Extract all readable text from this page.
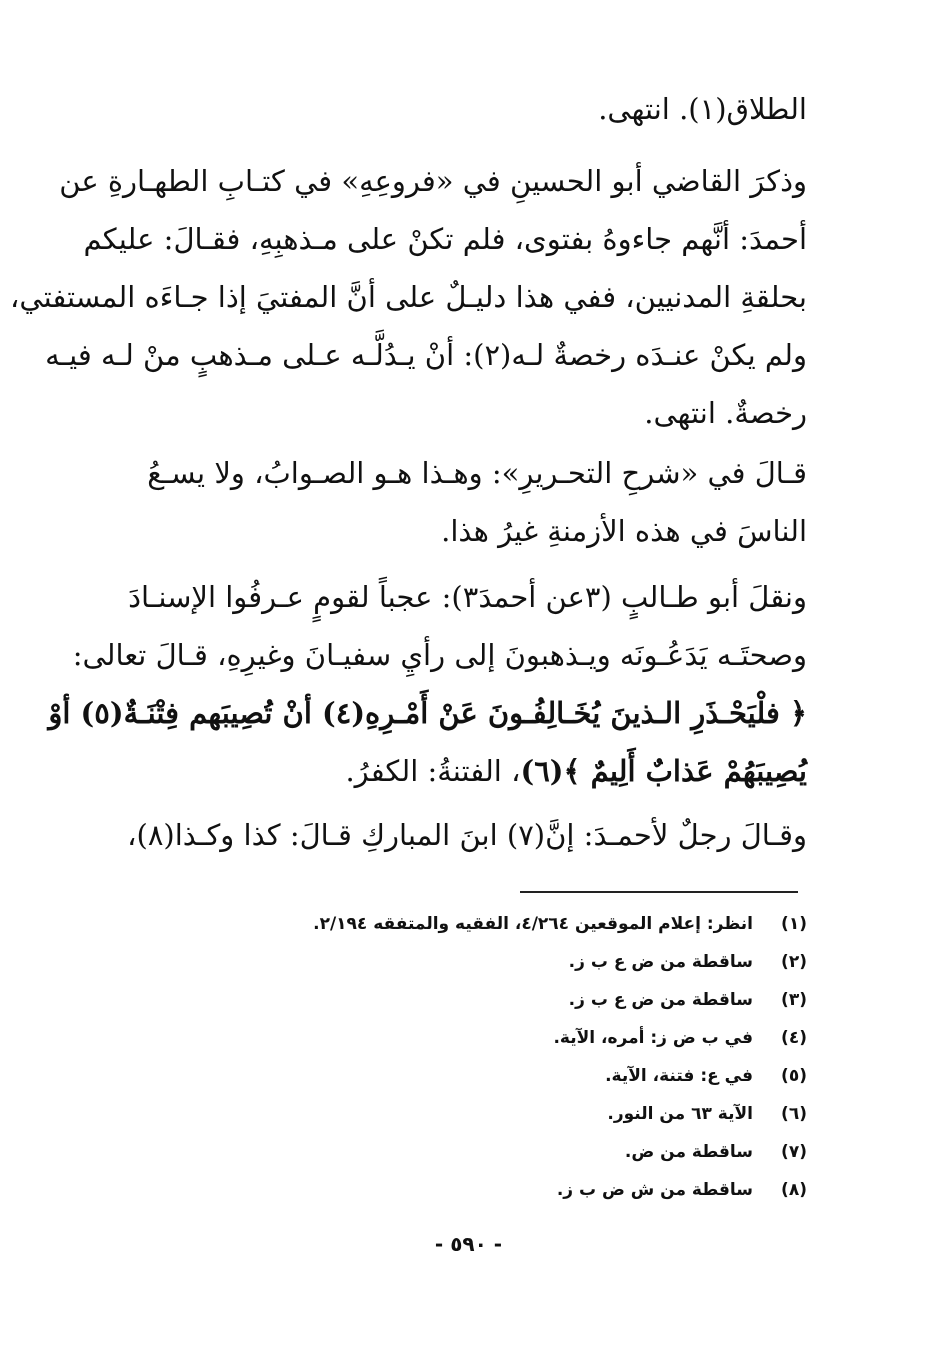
الطلاق(١). انتهى.
وذكرَ القاضي أبو الحسينِ في «فروعِهِ» في كتـابِ الطهـارةِ عن
أحمدَ: أنَّهم جاءوهُ بفتوى، فلم تكنْ على مـذهبِهِ، فقـالَ: عليكم
بحلقةِ المدنيين، ففي هذا دليـلٌ على أنَّ المفتيَ إذا جـاءَه المستفتي،
ولم يكنْ عنـدَه رخصةٌ لـه(٢): أنْ يـدُلَّـه عـلى مـذهبٍ منْ لـه فيـه
رخصةٌ. انتهى.
قـالَ في «شرحِ التحـريرِ»: وهـذا هـو الصـوابُ، ولا يسـعُ
الناسَ في هذه الأزمنةِ غيرُ هذا.
ونقلَ أبو طـالبٍ (٣عن أحمدَ٣): عجباً لقومٍ عـرفُوا الإسنـادَ
وصحتَـه يَدَعُـونَه ويـذهبونَ إلى رأيِ سفيـانَ وغيرِهِ، قـالَ تعالى:
﴿ فلْيَحْـذَرِ الـذينَ يُخَـالِفُـونَ عَنْ أَمْـرِهِ(٤) أنْ تُصِيبَهم فِتْنَـةٌ(٥) أوْ
يُصِيبَهُمْ عَذابٌ أَلِيمٌ ﴾(٦)، الفتنةُ: الكفرُ.
وقـالَ رجلٌ لأحمـدَ: إنَّ(٧) ابنَ المباركِ قـالَ: كذا وكـذا(٨)،
(١)
انظر: إعلام الموقعين ٤/٢٦٤، الفقيه والمتفقه ٢/١٩٤.
(٢)
ساقطة من ض ع ب ز.
(٣)
ساقطة من ض ع ب ز.
(٤)
في ب ض ز: أمره، الآية.
(٥)
في ع: فتنة، الآية.
(٦)
الآية ٦٣ من النور.
(٧)
ساقطة من ض.
(٨)
ساقطة من ش ض ب ز.
- ٥٩٠ -
